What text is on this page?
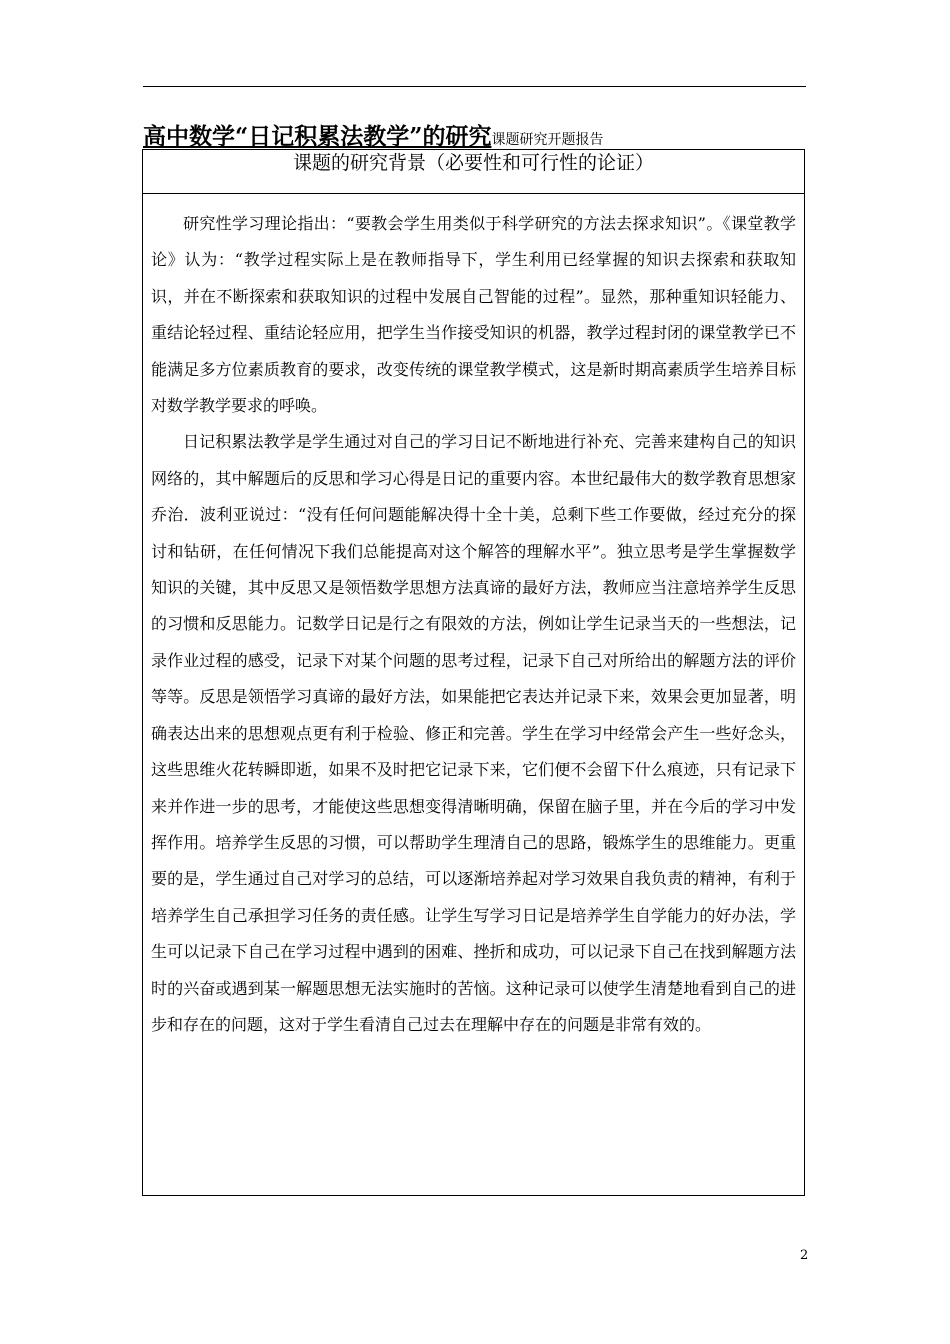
高中数学“日记积累法教学”的研究课题研究开题报告
课题的研究背景（必要性和可行性的论证）

研究性学习理论指出：“要教会学生用类似于科学研究的方法去探求知识”。《课堂教学论》认为：“教学过程实际上是在教师指导下，学生利用已经掌握的知识去探索和获取知识，并在不断探索和获取知识的过程中发展自己智能的过程”。显然，那种重知识轻能力、重结论轻过程、重结论轻应用，把学生当作接受知识的机器，教学过程封闭的课堂教学已不能满足多方位素质教育的要求，改变传统的课堂教学模式，这是新时期高素质学生培养目标对数学教学要求的呼唤。

日记积累法教学是学生通过对自己的学习日记不断地进行补充、完善来建构自己的知识网络的，其中解题后的反思和学习心得是日记的重要内容。本世纪最伟大的数学教育思想家乔治．波利亚说过：“没有任何问题能解决得十全十美，总剩下些工作要做，经过充分的探讨和钻研，在任何情况下我们总能提高对这个解答的理解水平”。独立思考是学生掌握数学知识的关键，其中反思又是领悟数学思想方法真谛的最好方法，教师应当注意培养学生反思的习惯和反思能力。记数学日记是行之有限效的方法，例如让学生记录当天的一些想法，记录作业过程的感受，记录下对某个问题的思考过程，记录下自己对所给出的解题方法的评价等等。反思是领悟学习真谛的最好方法，如果能把它表达并记录下来，效果会更加显著，明确表达出来的思想观点更有利于检验、修正和完善。学生在学习中经常会产生一些好念头，这些思维火花转瞬即逝，如果不及时把它记录下来，它们便不会留下什么痕迹，只有记录下来并作进一步的思考，才能使这些思想变得清晰明确，保留在脑子里，并在今后的学习中发挥作用。培养学生反思的习惯，可以帮助学生理清自己的思路，锻炼学生的思维能力。更重要的是，学生通过自己对学习的总结，可以逐渐培养起对学习效果自我负责的精神，有利于培养学生自己承担学习任务的责任感。让学生写学习日记是培养学生自学能力的好办法，学生可以记录下自己在学习过程中遇到的困难、挫折和成功，可以记录下自己在找到解题方法时的兴奋或遇到某一解题思想无法实施时的苦恼。这种记录可以使学生清楚地看到自己的进步和存在的问题，这对于学生看清自己过去在理解中存在的问题是非常有效的。

2
